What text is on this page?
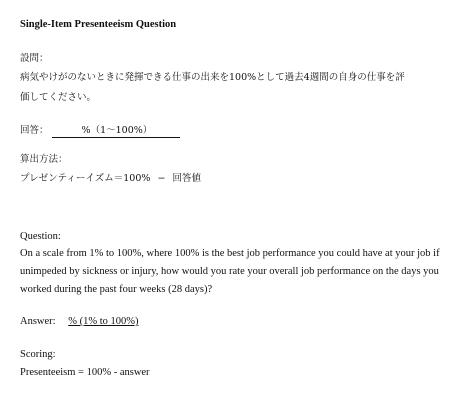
Single-Item Presenteeism Question
設問：
病気やけがのないときに発揮できる仕事の出来を100%として過去4週間の自身の仕事を評
価してください。
回答：	%（1〜100%）
算出方法：
プレゼンティーイズム＝100% − 回答値
Question:
On a scale from 1% to 100%, where 100% is the best job performance you could have at your job if
unimpeded by sickness or injury, how would you rate your overall job performance on the days you
worked during the past four weeks (28 days)?
Answer: % (1% to 100%)
Scoring:
Presenteeism = 100% - answer
